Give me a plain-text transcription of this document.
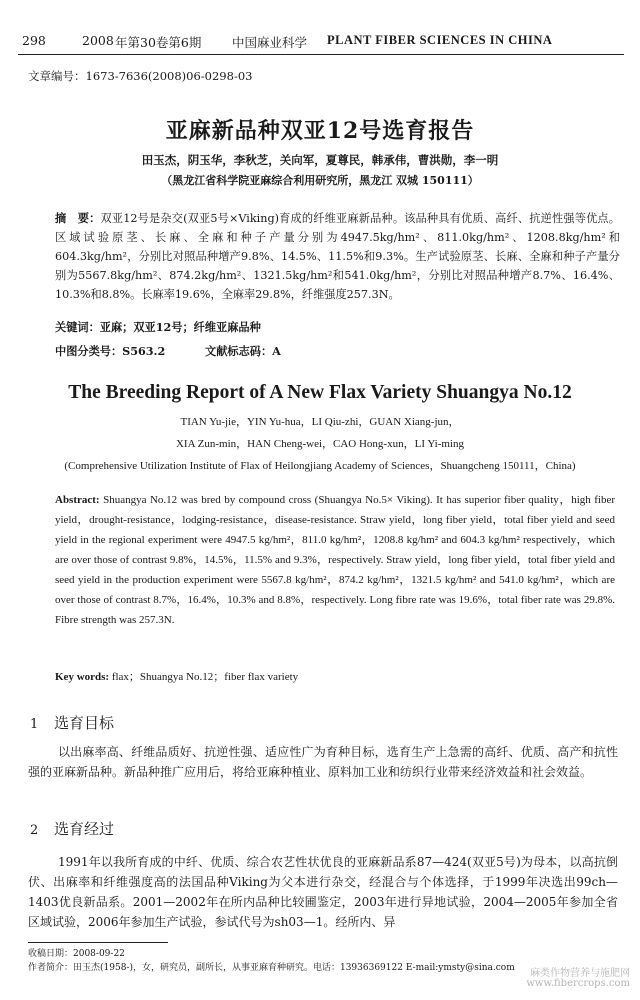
298	2008 年第30卷第6期 中国麻业科学 PLANT FIBER SCIENCES IN CHINA
文章编号：1673-7636(2008)06-0298-03
亚麻新品种双亚12号选育报告
田玉杰，阴玉华，李秋芝，关向军，夏尊民，韩承伟，曹洪勋，李一明
（黑龙江省科学院亚麻综合利用研究所，黑龙江 双城 150111）
摘　要：双亚12号是杂交(双亚5号×Viking)育成的纤维亚麻新品种。该品种具有优质、高纤、抗逆性强等优点。区域试验原茎、长麻、全麻和种子产量分别为4947.5kg/hm²、811.0kg/hm²、1208.8kg/hm²和604.3kg/hm²，分别比对照品种增产9.8%、14.5%、11.5%和9.3%。生产试验原茎、长麻、全麻和种子产量分别为5567.8kg/hm²、874.2kg/hm²、1321.5kg/hm²和541.0kg/hm²，分别比对照品种增产8.7%、16.4%、10.3%和8.8%。长麻率19.6%，全麻率29.8%，纤维强度257.3N。
关键词：亚麻；双亚12号；纤维亚麻品种
中图分类号：S563.2	文献标志码：A
The Breeding Report of A New Flax Variety Shuangya No.12
TIAN Yu-jie，YIN Yu-hua，LI Qiu-zhi，GUAN Xiang-jun，
XIA Zun-min，HAN Cheng-wei，CAO Hong-xun，LI Yi-ming
(Comprehensive Utilization Institute of Flax of Heilongjiang Academy of Sciences，Shuangcheng 150111，China)
Abstract: Shuangya No.12 was bred by compound cross (Shuangya No.5× Viking). It has superior fiber quality，high fiber yield，drought-resistance，lodging-resistance，disease-resistance. Straw yield，long fiber yield，total fiber yield and seed yield in the regional experiment were 4947.5 kg/hm²，811.0 kg/hm²，1208.8 kg/hm² and 604.3 kg/hm² respectively，which are over those of contrast 9.8%，14.5%，11.5% and 9.3%，respectively. Straw yield，long fiber yield，total fiber yield and seed yield in the production experiment were 5567.8 kg/hm²，874.2 kg/hm²，1321.5 kg/hm² and 541.0 kg/hm²，which are over those of contrast 8.7%，16.4%，10.3% and 8.8%，respectively. Long fibre rate was 19.6%，total fiber rate was 29.8%. Fibre strength was 257.3N.
Key words: flax；Shuangya No.12；fiber flax variety
1 选育目标
以出麻率高、纤维品质好、抗逆性强、适应性广为育种目标，选育生产上急需的高纤、优质、高产和抗性强的亚麻新品种。新品种推广应用后，将给亚麻种植业、原料加工业和纺织行业带来经济效益和社会效益。
2 选育经过
1991年以我所育成的中纤、优质、综合农艺性状优良的亚麻新品系87—424(双亚5号)为母本，以高抗倒伏、出麻率和纤维强度高的法国品种Viking为父本进行杂交，经混合与个体选择，于1999年决选出99ch—1403优良新品系。2001—2002年在所内品种比较圃鉴定，2003年进行异地试验，2004—2005年参加全省区域试验，2006年参加生产试验，参试代号为sh03—1。经所内、异
收稿日期：2008-09-22
作者简介：田玉杰(1958-)，女，研究员，副所长，从事亚麻育种研究。电话：13936369122 E-mail:ymsty@sina.com 麻类作物营养与施肥网
www.fibercrops.com
